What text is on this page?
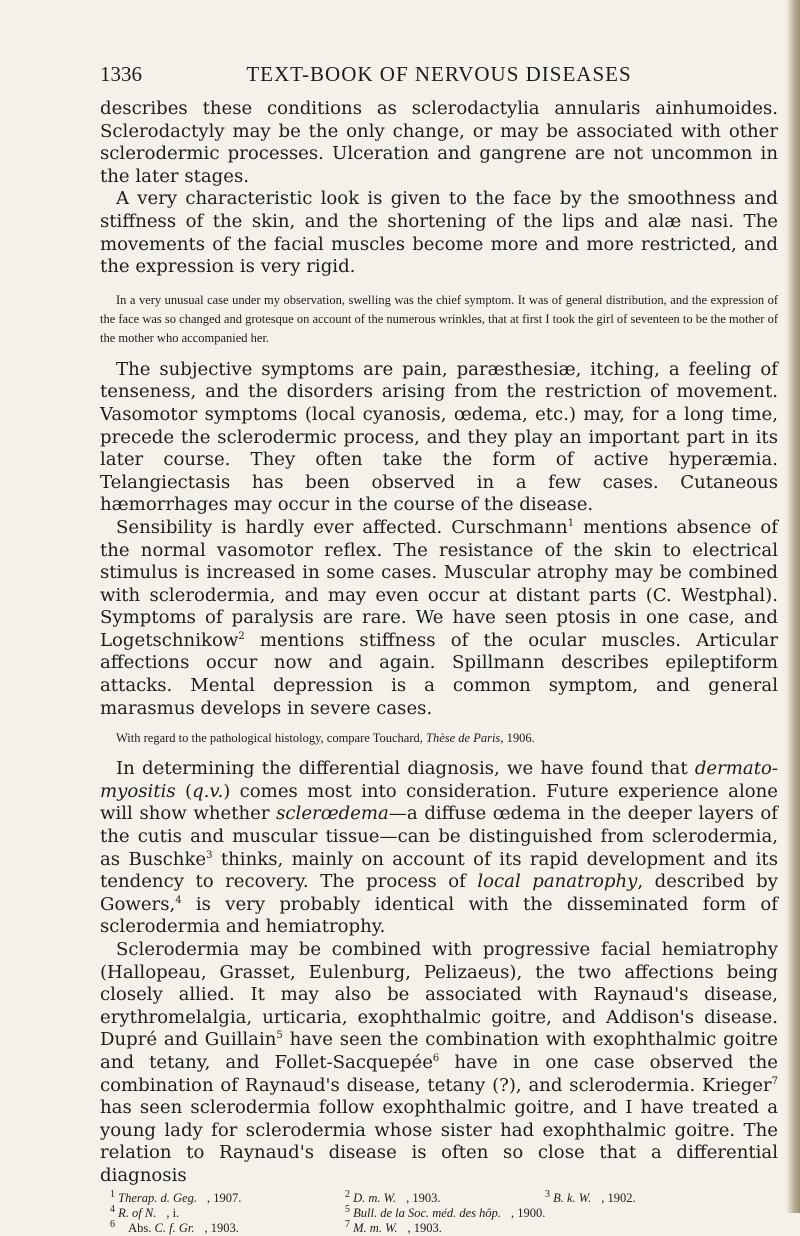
1336	TEXT-BOOK OF NERVOUS DISEASES

describes these conditions as sclerodactylia annularis ainhumoides. Sclerodactyly may be the only change, or may be associated with other sclerodermic processes. Ulceration and gangrene are not uncommon in the later stages.

A very characteristic look is given to the face by the smoothness and stiffness of the skin, and the shortening of the lips and alæ nasi. The movements of the facial muscles become more and more restricted, and the expression is very rigid.

In a very unusual case under my observation, swelling was the chief symptom. It was of general distribution, and the expression of the face was so changed and grotesque on account of the numerous wrinkles, that at first I took the girl of seventeen to be the mother of the mother who accompanied her.

The subjective symptoms are pain, paræsthesiæ, itching, a feeling of tenseness, and the disorders arising from the restriction of movement. Vasomotor symptoms (local cyanosis, œdema, etc.) may, for a long time, precede the sclerodermic process, and they play an important part in its later course. They often take the form of active hyperæmia. Telangiectasis has been observed in a few cases. Cutaneous hæmorrhages may occur in the course of the disease.

Sensibility is hardly ever affected. Curschmann$^1$ mentions absence of the normal vasomotor reflex. The resistance of the skin to electrical stimulus is increased in some cases. Muscular atrophy may be combined with sclerodermia, and may even occur at distant parts (C. Westphal). Symptoms of paralysis are rare. We have seen ptosis in one case, and Logetschnikow$^2$ mentions stiffness of the ocular muscles. Articular affections occur now and again. Spillmann describes epileptiform attacks. Mental depression is a common symptom, and general marasmus develops in severe cases.

With regard to the pathological histology, compare Touchard, Thèse de Paris, 1906.

In determining the differential diagnosis, we have found that dermato-myositis (q.v.) comes most into consideration. Future experience alone will show whether sclerœdema—a diffuse œdema in the deeper layers of the cutis and muscular tissue—can be distinguished from sclerodermia, as Buschke$^3$ thinks, mainly on account of its rapid development and its tendency to recovery. The process of local panatrophy, described by Gowers,$^4$ is very probably identical with the disseminated form of sclerodermia and hemiatrophy.

Sclerodermia may be combined with progressive facial hemiatrophy (Hallopeau, Grasset, Eulenburg, Pelizaeus), the two affections being closely allied. It may also be associated with Raynaud's disease, erythromelalgia, urticaria, exophthalmic goitre, and Addison's disease. Dupré and Guillain$^5$ have seen the combination with exophthalmic goitre and tetany, and Follet-Sacquepée$^6$ have in one case observed the combination of Raynaud's disease, tetany (?), and sclerodermia. Krieger$^7$ has seen sclerodermia follow exophthalmic goitre, and I have treated a young lady for sclerodermia whose sister had exophthalmic goitre. The relation to Raynaud's disease is often so close that a differential diagnosis

$^1$ Therap. d. Geg. , 1907.	$^2$ D. m. W. , 1903.	$^3$ B. k. W. , 1902.
$^4$ R. of N. , i.	$^5$ Bull. de la Soc. méd. des hôp. , 1900.
$^6$ Abs. C. f. Gr. , 1903.	$^7$ M. m. W. , 1903.
